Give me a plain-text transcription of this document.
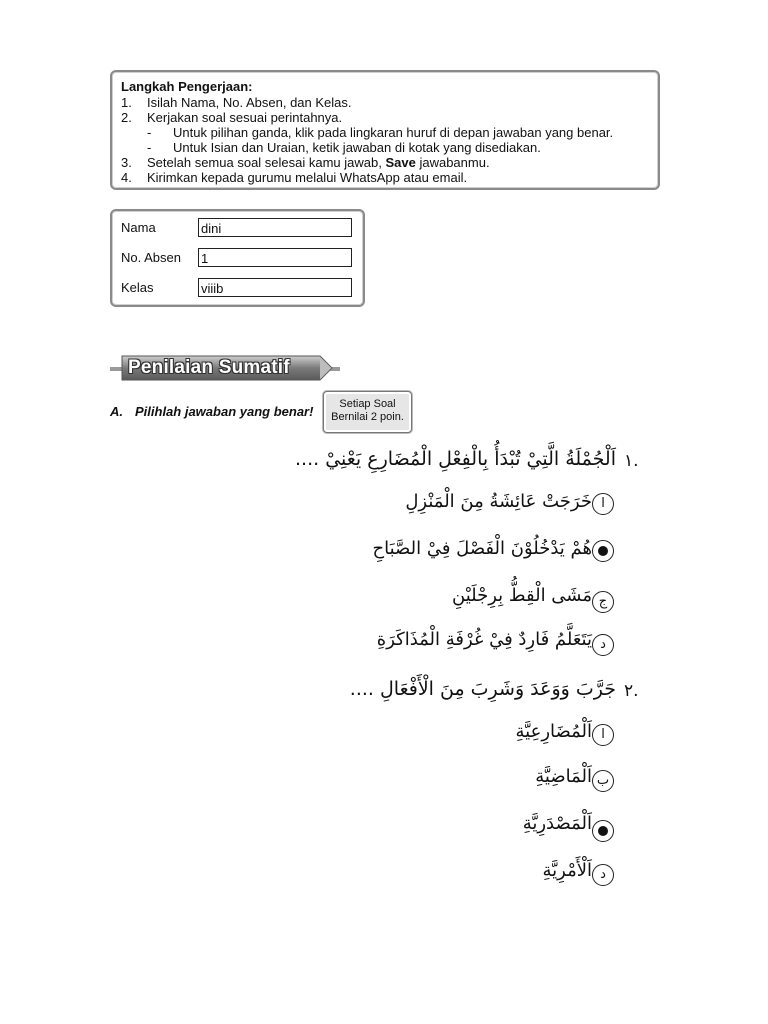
Langkah Pengerjaan:
1. Isilah Nama, No. Absen, dan Kelas.
2. Kerjakan soal sesuai perintahnya.
- Untuk pilihan ganda, klik pada lingkaran huruf di depan jawaban yang benar.
- Untuk Isian dan Uraian, ketik jawaban di kotak yang disediakan.
3. Setelah semua soal selesai kamu jawab, Save jawabanmu.
4. Kirimkan kepada gurumu melalui WhatsApp atau email.
Nama	dini
No. Absen 1
Kelas	viiib
Penilaian Sumatif
A. Pilihlah jawaban yang benar!	Setiap Soal
Bernilai 2 poin.
اَلْجُمْلَةُ الَّتِيْ تُبْدَأُ بِالْفِعْلِ الْمُضَارِعِ يَعْنِيْ .... ١.
خَرَجَتْ عَائِشَةُ مِنَ الْمَنْزِلِ ا
هُمْ يَدْخُلُوْنَ الْفَصْلَ فِيْ الصَّبَاحِ
مَشَى الْقِطُّ بِرِجْلَيْنِ ج
يَتَعَلَّمُ فَارِدٌ فِيْ غُرْفَةِ الْمُذَاكَرَةِ د
جَرَّبَ وَوَعَدَ وَشَرِبَ مِنَ الْأَفْعَالِ .... ٢.
اَلْمُضَارِعِيَّةِ ا
اَلْمَاضِيَّةِ ب
اَلْمَصْدَرِيَّةِ
اَلْأَمْرِيَّةِ د
